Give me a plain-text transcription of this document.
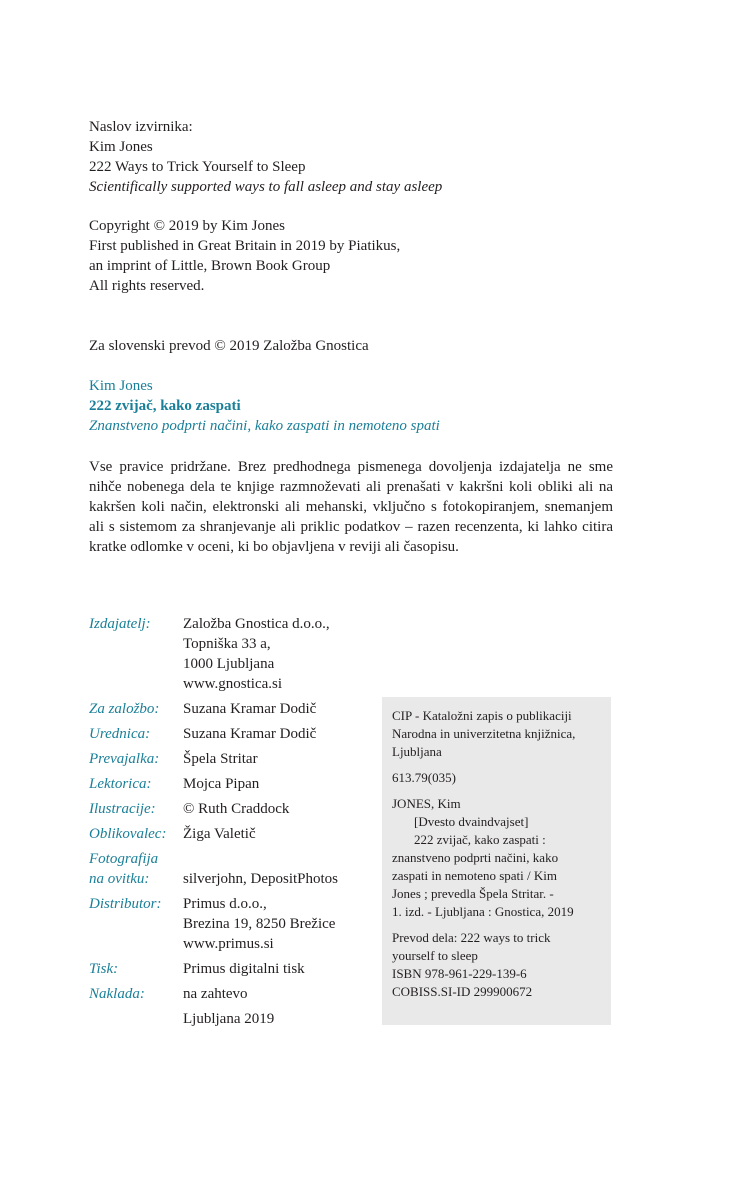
Naslov izvirnika:
Kim Jones
222 Ways to Trick Yourself to Sleep
Scientifically supported ways to fall asleep and stay asleep
Copyright © 2019 by Kim Jones
First published in Great Britain in 2019 by Piatikus,
an imprint of Little, Brown Book Group
All rights reserved.
Za slovenski prevod © 2019 Založba Gnostica
Kim Jones
222 zvijač, kako zaspati
Znanstveno podprti načini, kako zaspati in nemoteno spati
Vse pravice pridržane. Brez predhodnega pismenega dovoljenja izdajatelja ne sme nihče nobenega dela te knjige razmnoževati ali prenašati v kakršni koli obliki ali na kakršen koli način, elektronski ali mehanski, vključno s fotokopiranjem, snemanjem ali s sistemom za shranjevanje ali priklic podatkov – razen recenzenta, ki lahko citira kratke odlomke v oceni, ki bo objavljena v reviji ali časopisu.
Izdajatelj:	Založba Gnostica d.o.o.,
Topniška 33 a,
1000 Ljubljana
www.gnostica.si
Za založbo:	Suzana Kramar Dodič
Urednica:	Suzana Kramar Dodič
Prevajalka:	Špela Stritar
Lektorica:	Mojca Pipan
Ilustracije:	© Ruth Craddock
Oblikovalec:	Žiga Valetič
Fotografija
na ovitku:	silverjohn, DepositPhotos
Distributor:	Primus d.o.o.,
Brezina 19, 8250 Brežice
www.primus.si
Tisk:	Primus digitalni tisk
Naklada:	na zahtevo
Ljubljana 2019
CIP - Kataložni zapis o publikaciji
Narodna in univerzitetna knjižnica,
Ljubljana
613.79(035)
JONES, Kim
[Dvesto dvaindvajset]
222 zvijač, kako zaspati :
znanstveno podprti načini, kako
zaspati in nemoteno spati / Kim
Jones ; prevedla Špela Stritar. -
1. izd. - Ljubljana : Gnostica, 2019
Prevod dela: 222 ways to trick
yourself to sleep
ISBN 978-961-229-139-6
COBISS.SI-ID 299900672
